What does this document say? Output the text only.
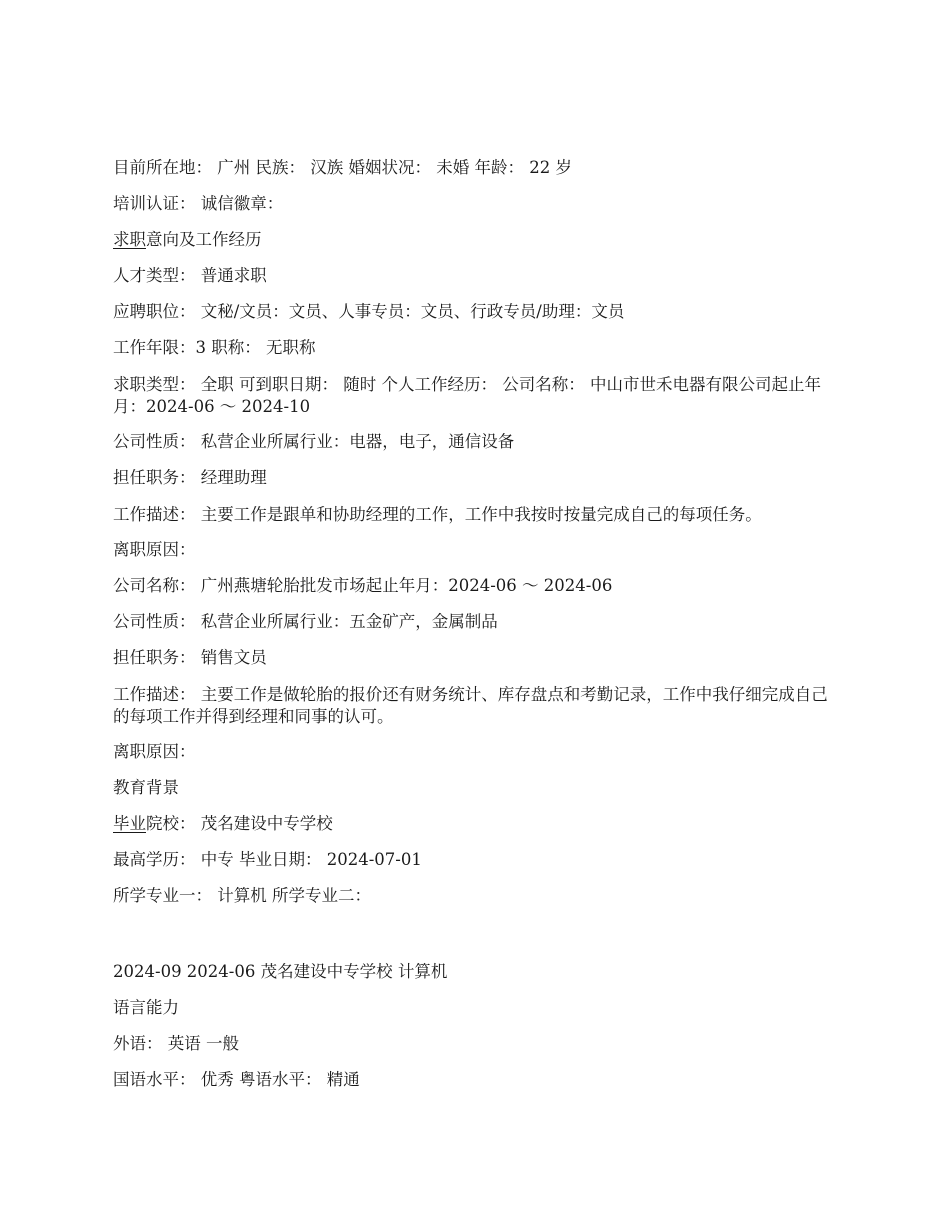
目前所在地： 广州 民族： 汉族 婚姻状况： 未婚 年龄： 22 岁
培训认证： 诚信徽章：
求职意向及工作经历
人才类型： 普通求职
应聘职位： 文秘/文员：文员、人事专员：文员、行政专员/助理：文员
工作年限：3 职称： 无职称
求职类型： 全职 可到职日期： 随时 个人工作经历： 公司名称： 中山市世禾电器有限公司起止年月：2024-06 ～ 2024-10
公司性质： 私营企业所属行业：电器，电子，通信设备
担任职务： 经理助理
工作描述： 主要工作是跟单和协助经理的工作，工作中我按时按量完成自己的每项任务。
离职原因：
公司名称： 广州燕塘轮胎批发市场起止年月：2024-06 ～ 2024-06
公司性质： 私营企业所属行业：五金矿产，金属制品
担任职务： 销售文员
工作描述： 主要工作是做轮胎的报价还有财务统计、库存盘点和考勤记录，工作中我仔细完成自己的每项工作并得到经理和同事的认可。
离职原因：
教育背景
毕业院校： 茂名建设中专学校
最高学历： 中专 毕业日期： 2024-07-01
所学专业一： 计算机 所学专业二：
2024-09 2024-06 茂名建设中专学校 计算机
语言能力
外语： 英语 一般
国语水平： 优秀 粤语水平： 精通
